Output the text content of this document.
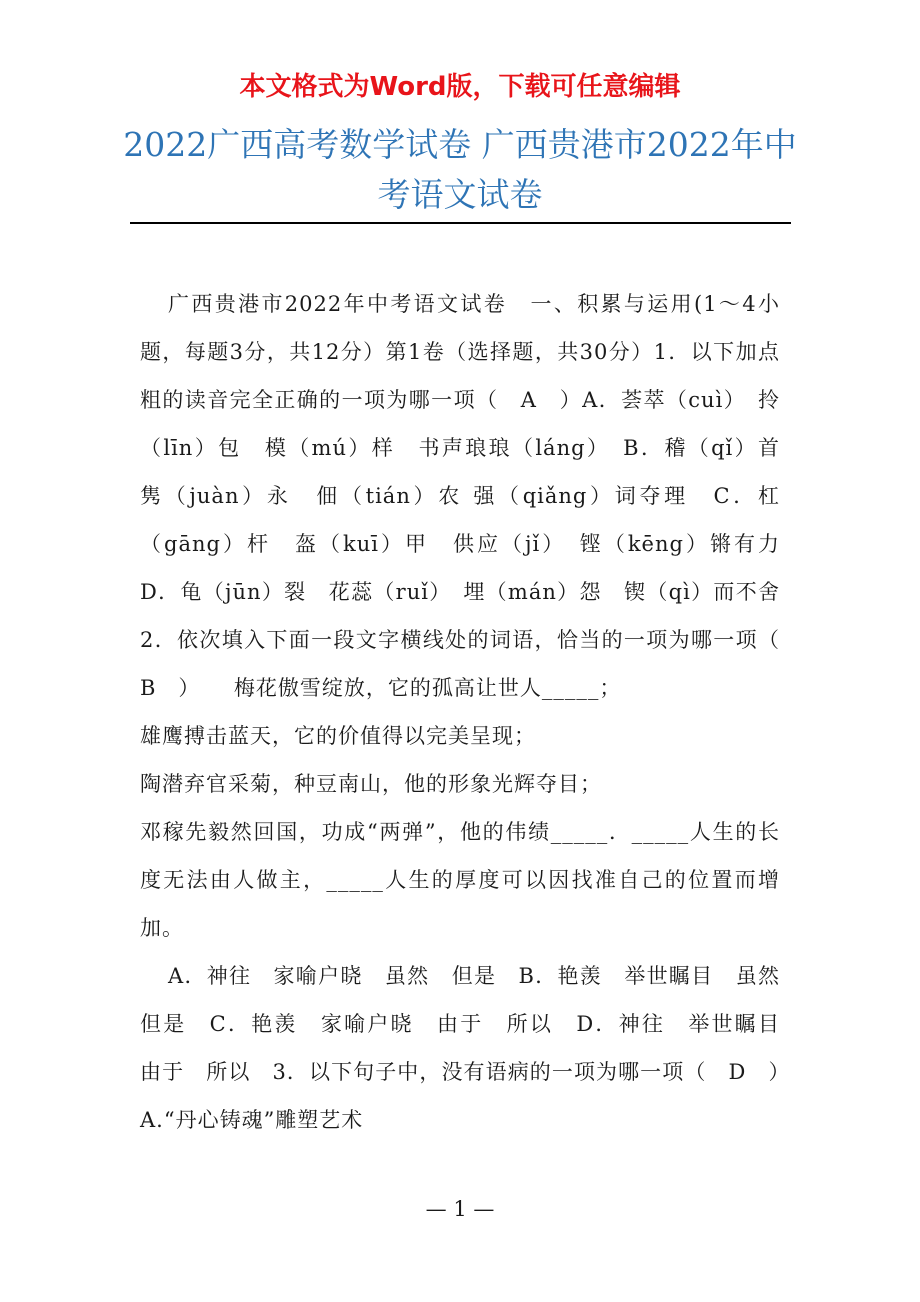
本文格式为Word版，下载可任意编辑
2022广西高考数学试卷 广西贵港市2022年中考语文试卷

广西贵港市2022年中考语文试卷　一、积累与运用(1～4小题，每题3分，共12分）第1卷（选择题，共30分）1．以下加点粗的读音完全正确的一项为哪一项（　A　）A．荟萃（cuì）　拎（līn）包　模（mú）样　书声琅琅（láng）　B．稽（qǐ）首　隽（juàn）永　佃（tián）农 强（qiǎng）词夺理　C．杠（gāng）杆　盔（kuī）甲　供应（jǐ）　铿（kēng）锵有力　D．龟（jūn）裂　花蕊（ruǐ）　埋（mán）怨　锲（qì）而不舍　2．依次填入下面一段文字横线处的词语，恰当的一项为哪一项（　B　）　　梅花傲雪绽放，它的孤高让世人_____；

雄鹰搏击蓝天，它的价值得以完美呈现；

陶潜弃官采菊，种豆南山，他的形象光辉夺目；

邓稼先毅然回国，功成“两弹”，他的伟绩_____．_____人生的长度无法由人做主，_____人生的厚度可以因找准自己的位置而增加。

A．神往　家喻户晓　虽然　但是　B．艳羡　举世瞩目　虽然　但是　C．艳羡　家喻户晓　由于　所以　D．神往　举世瞩目　由于　所以　3．以下句子中，没有语病的一项为哪一项（　D　）　A.“丹心铸魂”雕塑艺术

— 1 —
